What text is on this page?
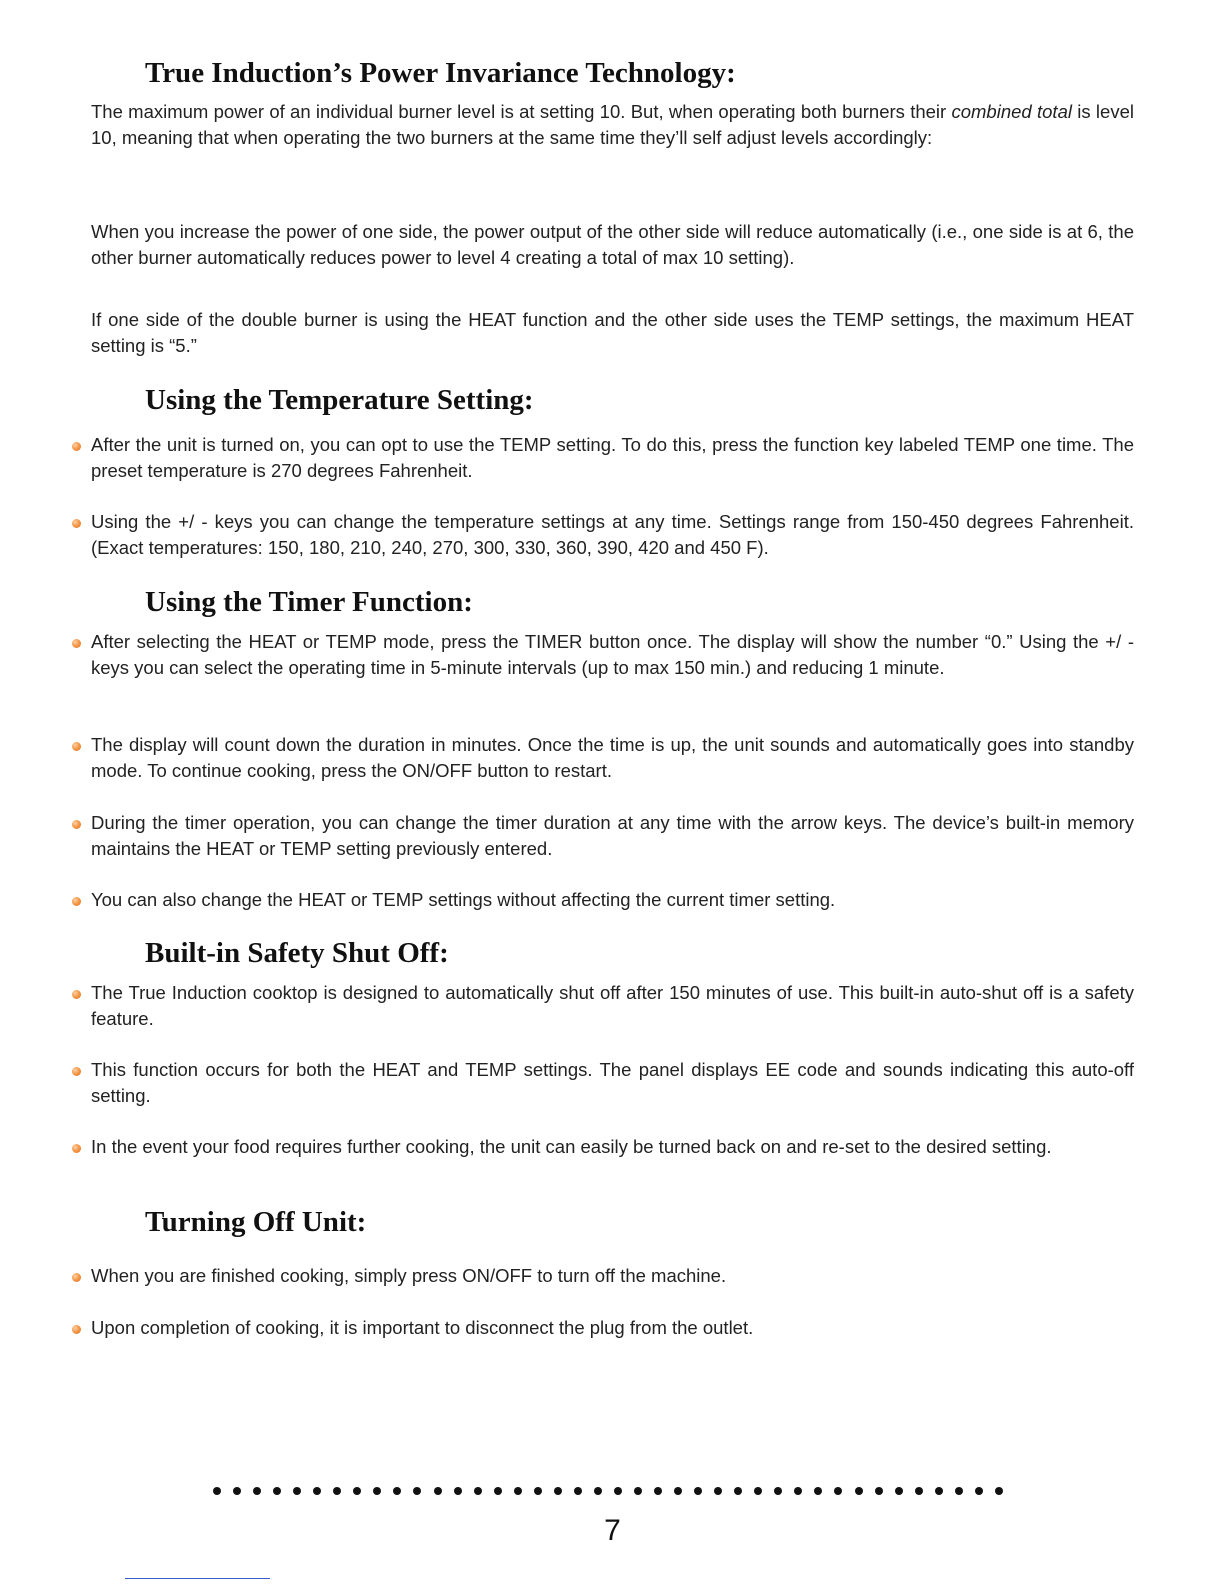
True Induction’s Power Invariance Technology:

The maximum power of an individual burner level is at setting 10. But, when operating both burners their combined total is level 10, meaning that when operating the two burners at the same time they’ll self adjust levels accordingly:

When you increase the power of one side, the power output of the other side will reduce automatically (i.e., one side is at 6, the other burner automatically reduces power to level 4 creating a total of max 10 setting).

If one side of the double burner is using the HEAT function and the other side uses the TEMP settings, the maximum HEAT setting is “5.”

Using the Temperature Setting:

After the unit is turned on, you can opt to use the TEMP setting. To do this, press the function key labeled TEMP one time. The preset temperature is 270 degrees Fahrenheit.

Using the +/ - keys you can change the temperature settings at any time. Settings range from 150-450 degrees Fahrenheit. (Exact temperatures: 150, 180, 210, 240, 270, 300, 330, 360, 390, 420 and 450 F).

Using the Timer Function:

After selecting the HEAT or TEMP mode, press the TIMER button once. The display will show the number “0.” Using the +/ - keys you can select the operating time in 5-minute intervals (up to max 150 min.) and reducing 1 minute.

The display will count down the duration in minutes. Once the time is up, the unit sounds and automatically goes into standby mode. To continue cooking, press the ON/OFF button to restart.

During the timer operation, you can change the timer duration at any time with the arrow keys. The device’s built-in memory maintains the HEAT or TEMP setting previously entered.

You can also change the HEAT or TEMP settings without affecting the current timer setting.

Built-in Safety Shut Off:

The True Induction cooktop is designed to automatically shut off after 150 minutes of use. This built-in auto-shut off is a safety feature.

This function occurs for both the HEAT and TEMP settings. The panel displays EE code and sounds indicating this auto-off setting.

In the event your food requires further cooking, the unit can easily be turned back on and re-set to the desired setting.

Turning Off Unit:

When you are finished cooking, simply press ON/OFF to turn off the machine.

Upon completion of cooking, it is important to disconnect the plug from the outlet.

7
